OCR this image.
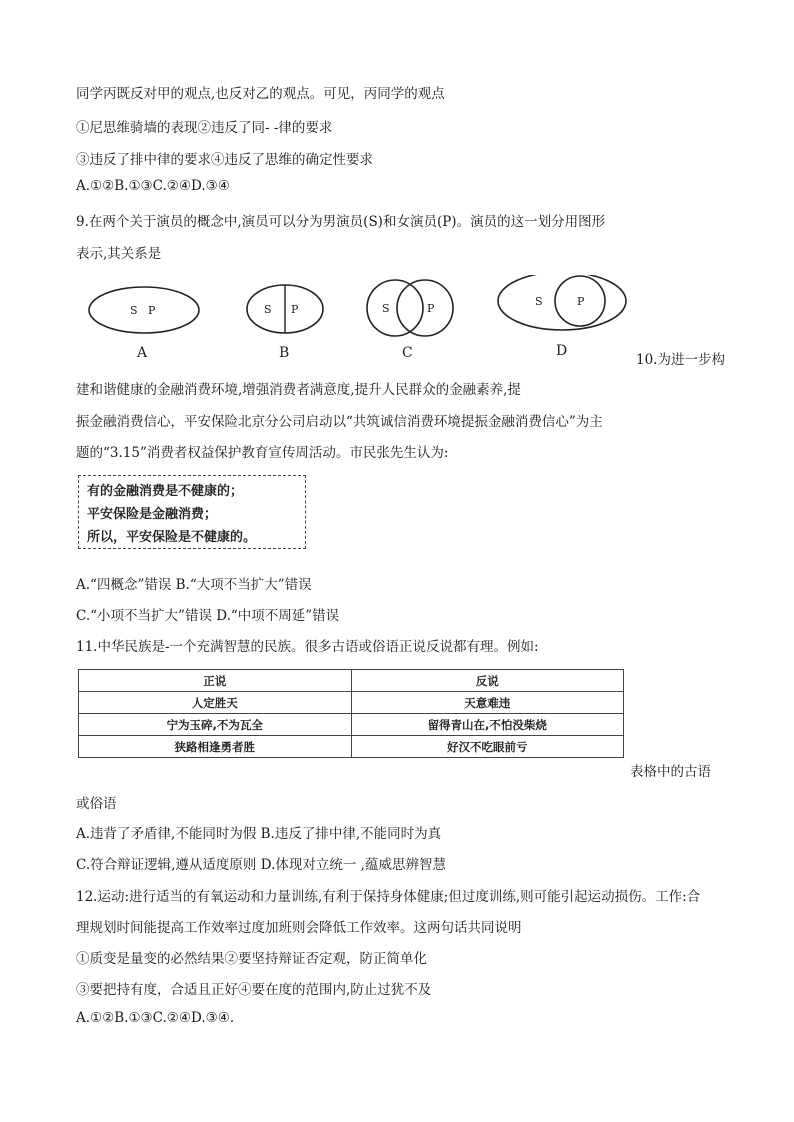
同学丙既反对甲的观点,也反对乙的观点。可见，丙同学的观点
①尼思维骑墙的表现②违反了同- -律的要求
③违反了排中律的要求④违反了思维的确定性要求
A.①②B.①③C.②④D.③④
9.在两个关于演员的概念中,演员可以分为男演员(S)和女演员(P)。演员的这一划分用图形
表示,其关系是
S P
A
S P
B
S	P
C
S	P
D
10.为进一步构
建和谐健康的金融消费环境,增强消费者满意度,提升人民群众的金融素养,提
振金融消费信心，平安保险北京分公司启动以“共筑诚信消费环境提振金融消费信心”为主
题的“3.15”消费者权益保护教育宣传周活动。市民张先生认为:
有的金融消费是不健康的；
平安保险是金融消费；
所以，平安保险是不健康的。
A.“四概念”错误 B.“大项不当扩大”错误
C.“小项不当扩大”错误 D.“中项不周延”错误
11.中华民族是-一个充满智慧的民族。很多古语或俗语正说反说都有理。例如:
正说	反说
人定胜天	天意难违
宁为玉碎,不为瓦全	留得青山在,不怕没柴烧
狭路相逢勇者胜	好汉不吃眼前亏
表格中的古语
或俗语
A.违背了矛盾律,不能同时为假 B.违反了排中律,不能同时为真
C.符合辩证逻辑,遵从适度原则 D.体现对立统一 ,蕴威思辨智慧
12.运动:进行适当的有氧运动和力量训练,有利于保持身体健康;但过度训练,则可能引起运动损伤。工作:合
理规划时间能提高工作效率过度加班则会降低工作效率。这两句话共同说明
①质变是量变的必然结果②要坚持辩证否定观，防正简单化
③要把持有度，合适且正好④要在度的范围内,防止过犹不及
A.①②B.①③C.②④D.③④.
